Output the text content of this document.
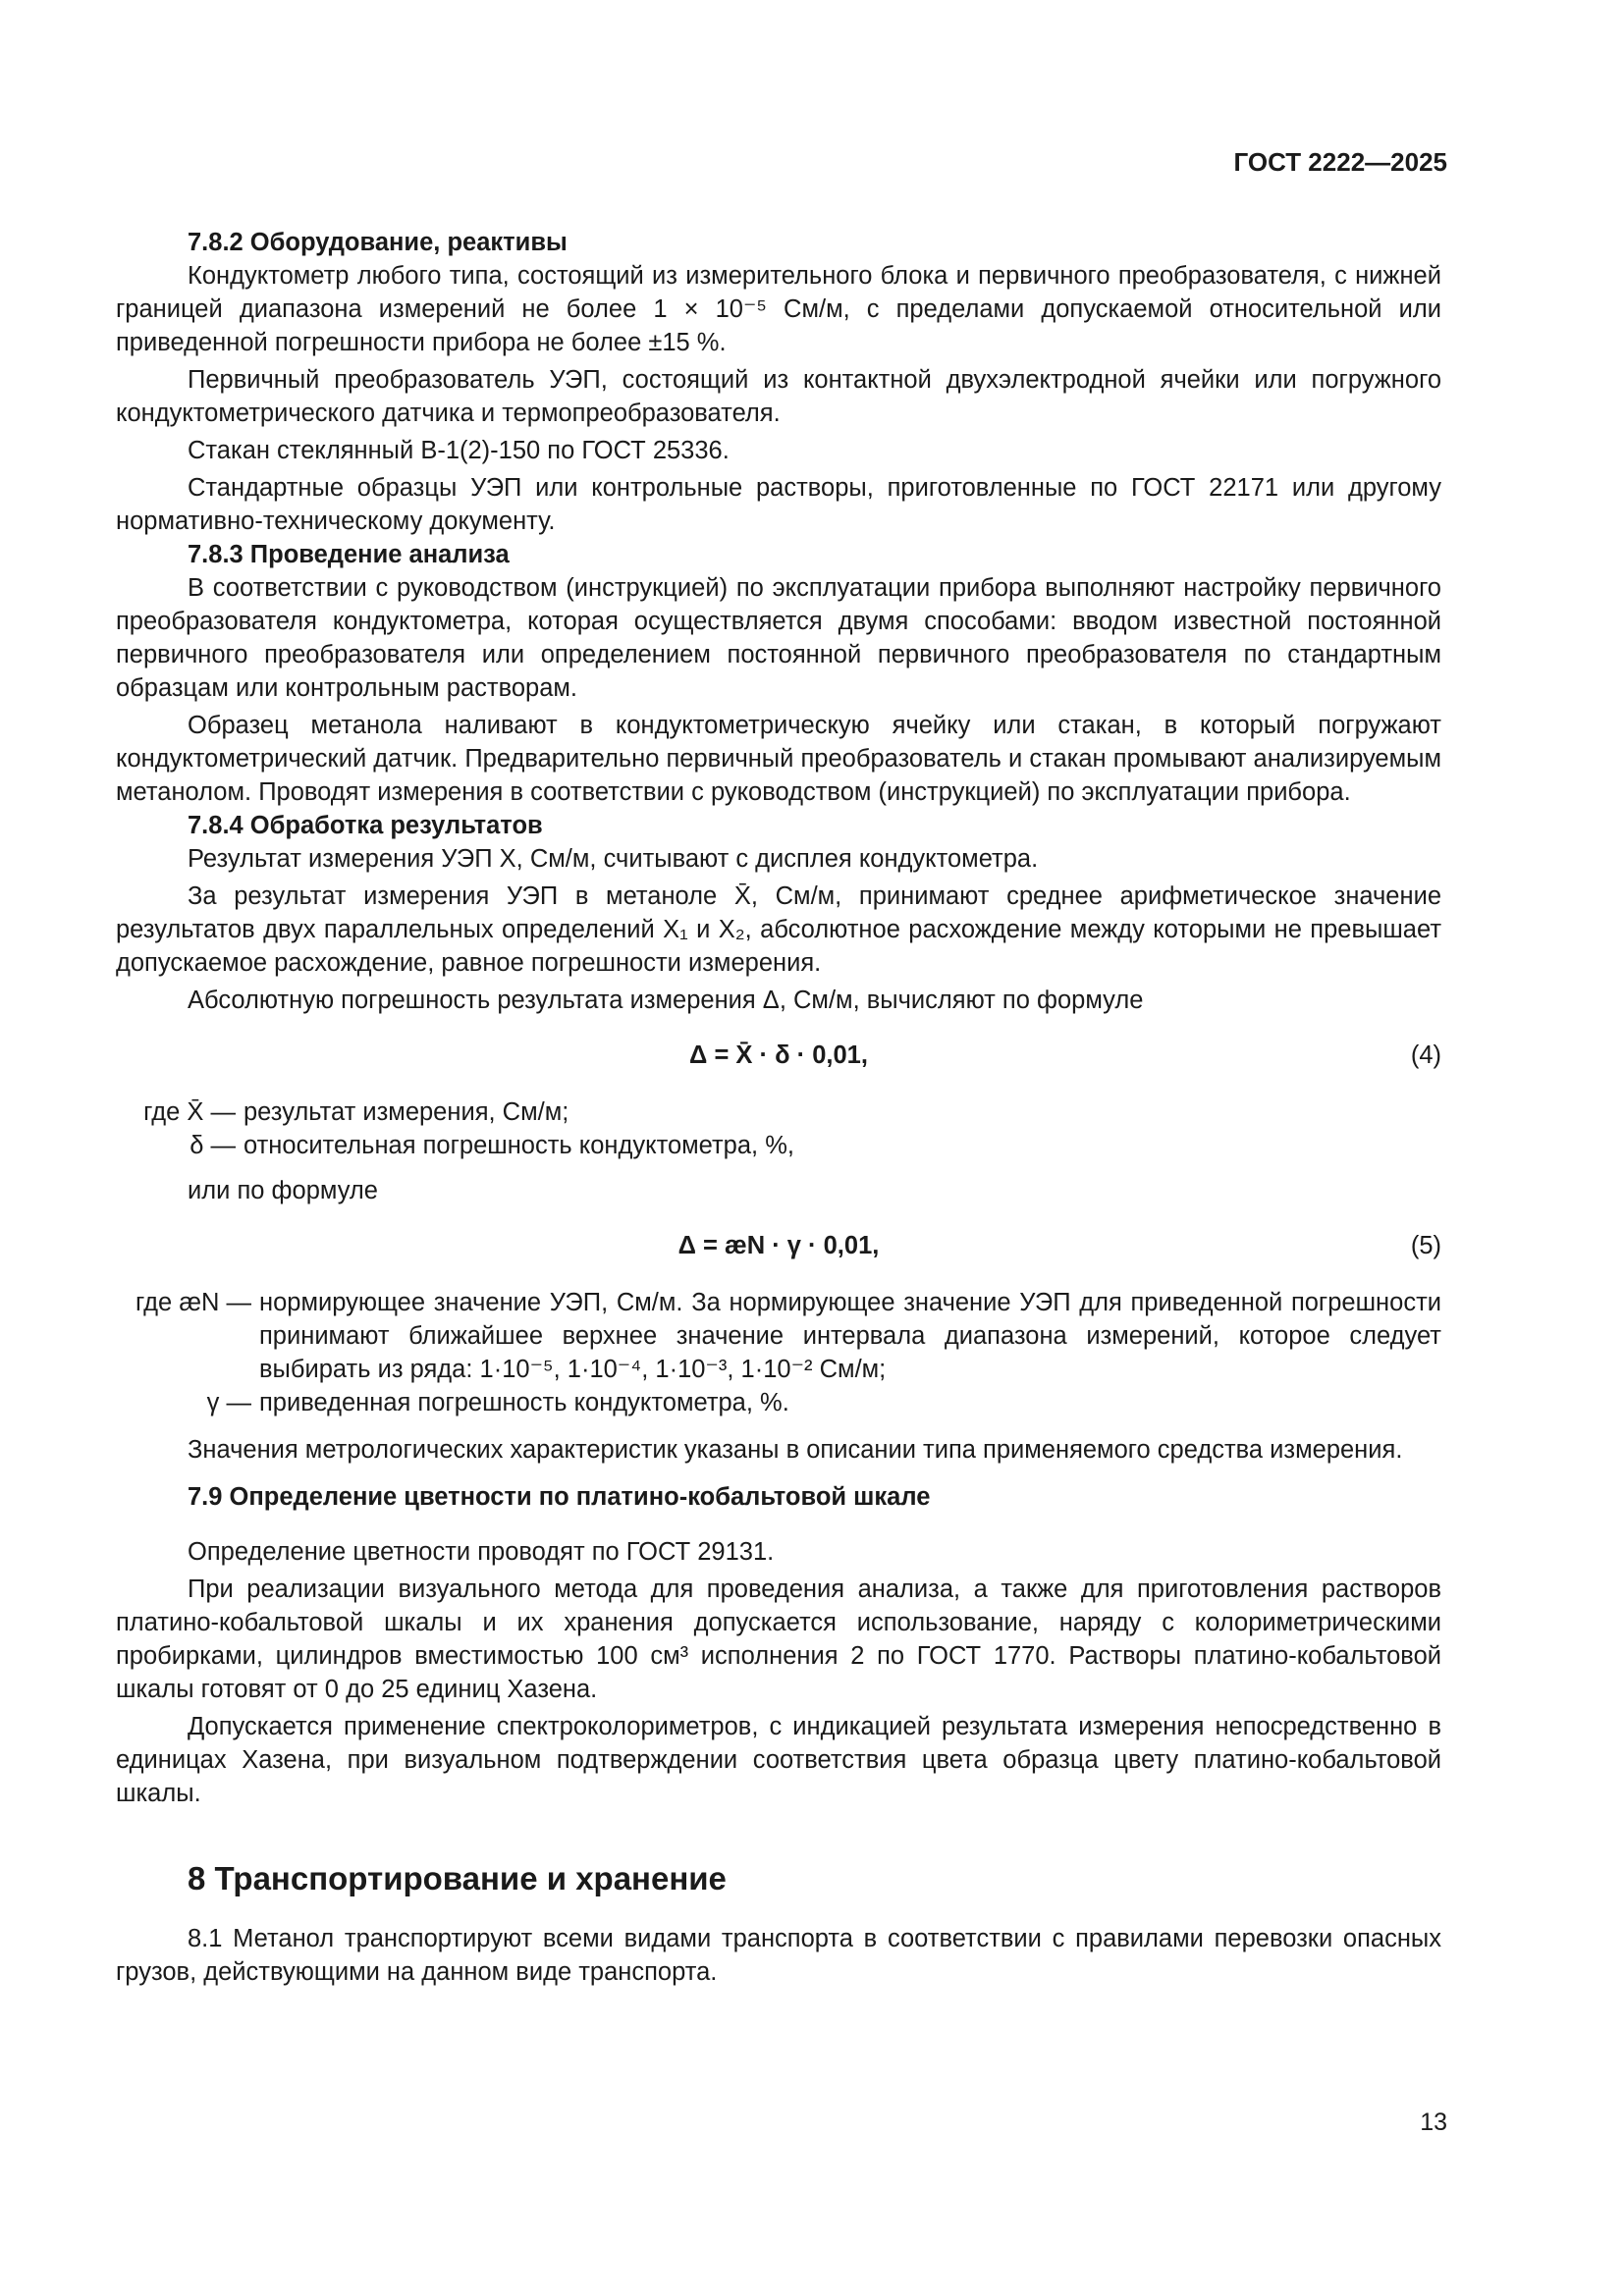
ГОСТ 2222—2025

7.8.2 Оборудование, реактивы

Кондуктометр любого типа, состоящий из измерительного блока и первичного преобразователя, с нижней границей диапазона измерений не более 1 × 10⁻⁵ См/м, с пределами допускаемой относительной или приведенной погрешности прибора не более ±15 %.

Первичный преобразователь УЭП, состоящий из контактной двухэлектродной ячейки или погружного кондуктометрического датчика и термопреобразователя.

Стакан стеклянный В-1(2)-150 по ГОСТ 25336.

Стандартные образцы УЭП или контрольные растворы, приготовленные по ГОСТ 22171 или другому нормативно-техническому документу.

7.8.3 Проведение анализа

В соответствии с руководством (инструкцией) по эксплуатации прибора выполняют настройку первичного преобразователя кондуктометра, которая осуществляется двумя способами: вводом известной постоянной первичного преобразователя или определением постоянной первичного преобразователя по стандартным образцам или контрольным растворам.

Образец метанола наливают в кондуктометрическую ячейку или стакан, в который погружают кондуктометрический датчик. Предварительно первичный преобразователь и стакан промывают анализируемым метанолом. Проводят измерения в соответствии с руководством (инструкцией) по эксплуатации прибора.

7.8.4 Обработка результатов

Результат измерения УЭП X, См/м, считывают с дисплея кондуктометра.

За результат измерения УЭП в метаноле X̄, См/м, принимают среднее арифметическое значение результатов двух параллельных определений X₁ и X₂, абсолютное расхождение между которыми не превышает допускаемое расхождение, равное погрешности измерения.

Абсолютную погрешность результата измерения Δ, См/м, вычисляют по формуле

Δ = X̄ · δ · 0,01,	(4)

где X̄ — результат измерения, См/м;
δ — относительная погрешность кондуктометра, %,

или по формуле

Δ = æN · γ · 0,01,	(5)

где æN — нормирующее значение УЭП, См/м. За нормирующее значение УЭП для приведенной погрешности принимают ближайшее верхнее значение интервала диапазона измерений, которое следует выбирать из ряда: 1·10⁻⁵, 1·10⁻⁴, 1·10⁻³, 1·10⁻² См/м;
γ — приведенная погрешность кондуктометра, %.

Значения метрологических характеристик указаны в описании типа применяемого средства измерения.

7.9 Определение цветности по платино-кобальтовой шкале

Определение цветности проводят по ГОСТ 29131.

При реализации визуального метода для проведения анализа, а также для приготовления растворов платино-кобальтовой шкалы и их хранения допускается использование, наряду с колориметрическими пробирками, цилиндров вместимостью 100 см³ исполнения 2 по ГОСТ 1770. Растворы платино-кобальтовой шкалы готовят от 0 до 25 единиц Хазена.

Допускается применение спектроколориметров, с индикацией результата измерения непосредственно в единицах Хазена, при визуальном подтверждении соответствия цвета образца цвету платино-кобальтовой шкалы.

8 Транспортирование и хранение

8.1 Метанол транспортируют всеми видами транспорта в соответствии с правилами перевозки опасных грузов, действующими на данном виде транспорта.

13
